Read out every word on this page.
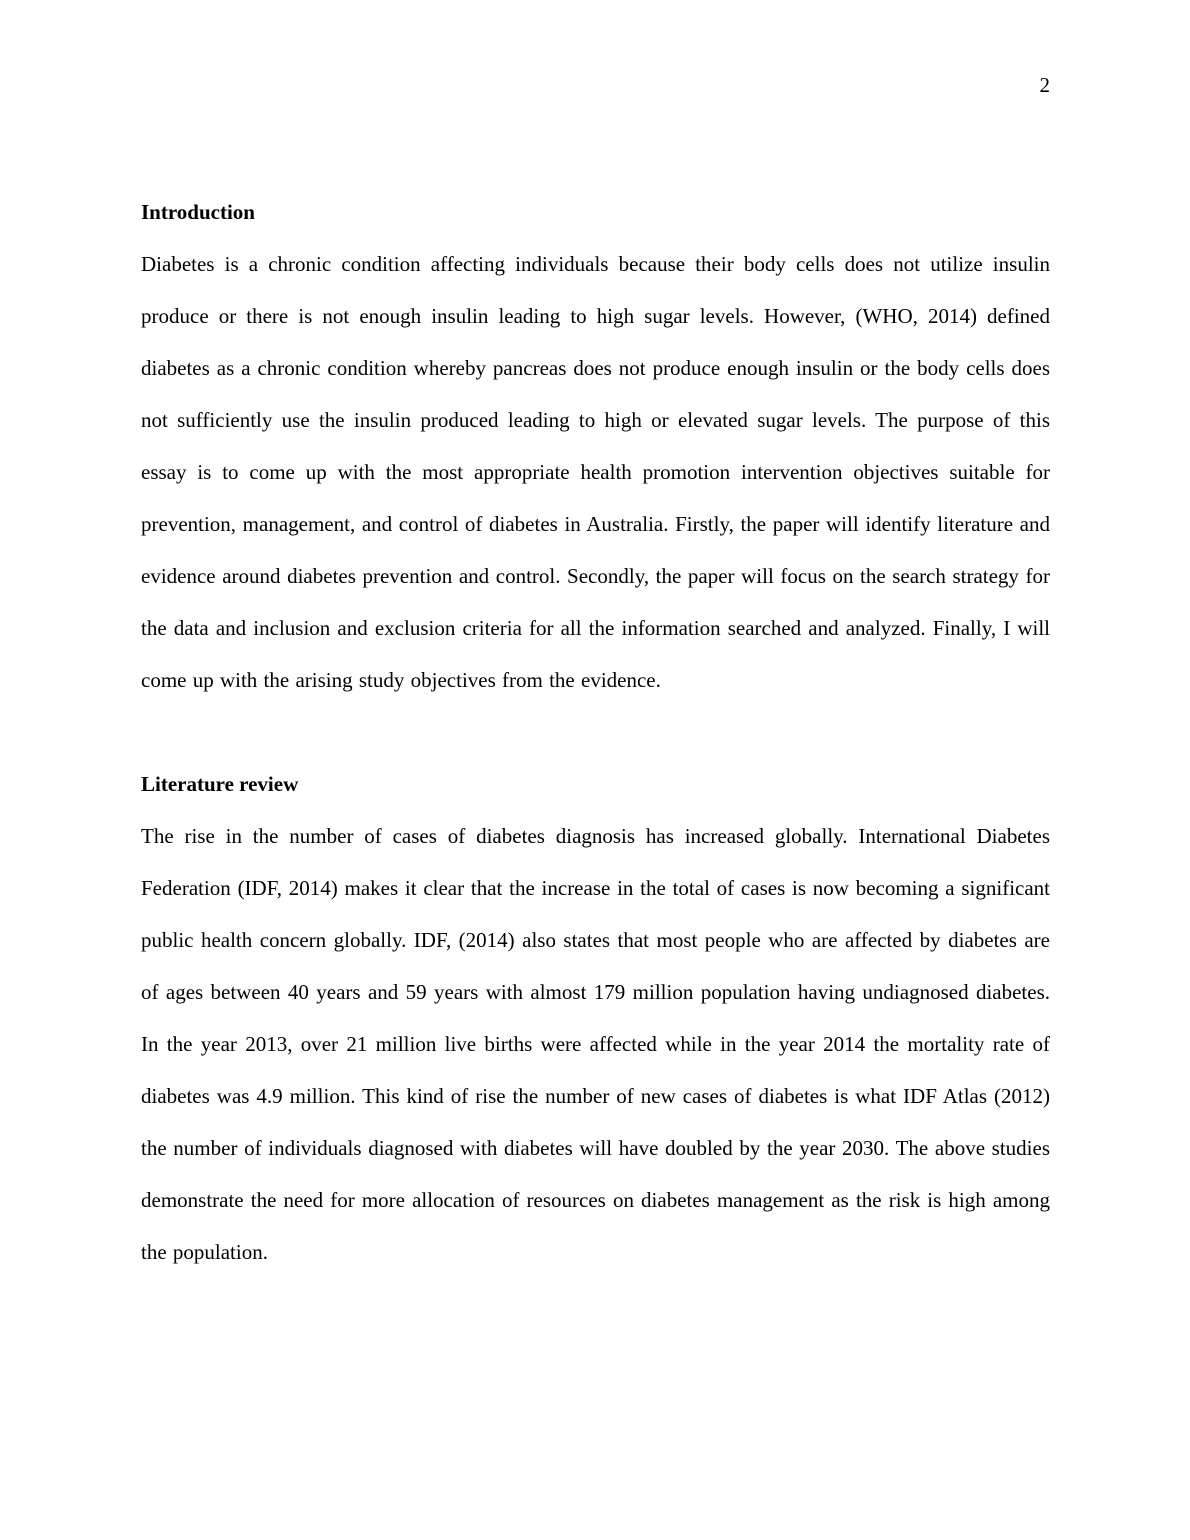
2
Introduction

Diabetes is a chronic condition affecting individuals because their body cells does not utilize insulin produce or there is not enough insulin leading to high sugar levels. However, (WHO, 2014) defined diabetes as a chronic condition whereby pancreas does not produce enough insulin or the body cells does not sufficiently use the insulin produced leading to high or elevated sugar levels. The purpose of this essay is to come up with the most appropriate health promotion intervention objectives suitable for prevention, management, and control of diabetes in Australia. Firstly, the paper will identify literature and evidence around diabetes prevention and control. Secondly, the paper will focus on the search strategy for the data and inclusion and exclusion criteria for all the information searched and analyzed. Finally, I will come up with the arising study objectives from the evidence.

Literature review

The rise in the number of cases of diabetes diagnosis has increased globally. International Diabetes Federation (IDF, 2014) makes it clear that the increase in the total of cases is now becoming a significant public health concern globally. IDF, (2014) also states that most people who are affected by diabetes are of ages between 40 years and 59 years with almost 179 million population having undiagnosed diabetes. In the year 2013, over 21 million live births were affected while in the year 2014 the mortality rate of diabetes was 4.9 million. This kind of rise the number of new cases of diabetes is what IDF Atlas (2012) the number of individuals diagnosed with diabetes will have doubled by the year 2030. The above studies demonstrate the need for more allocation of resources on diabetes management as the risk is high among the population.
